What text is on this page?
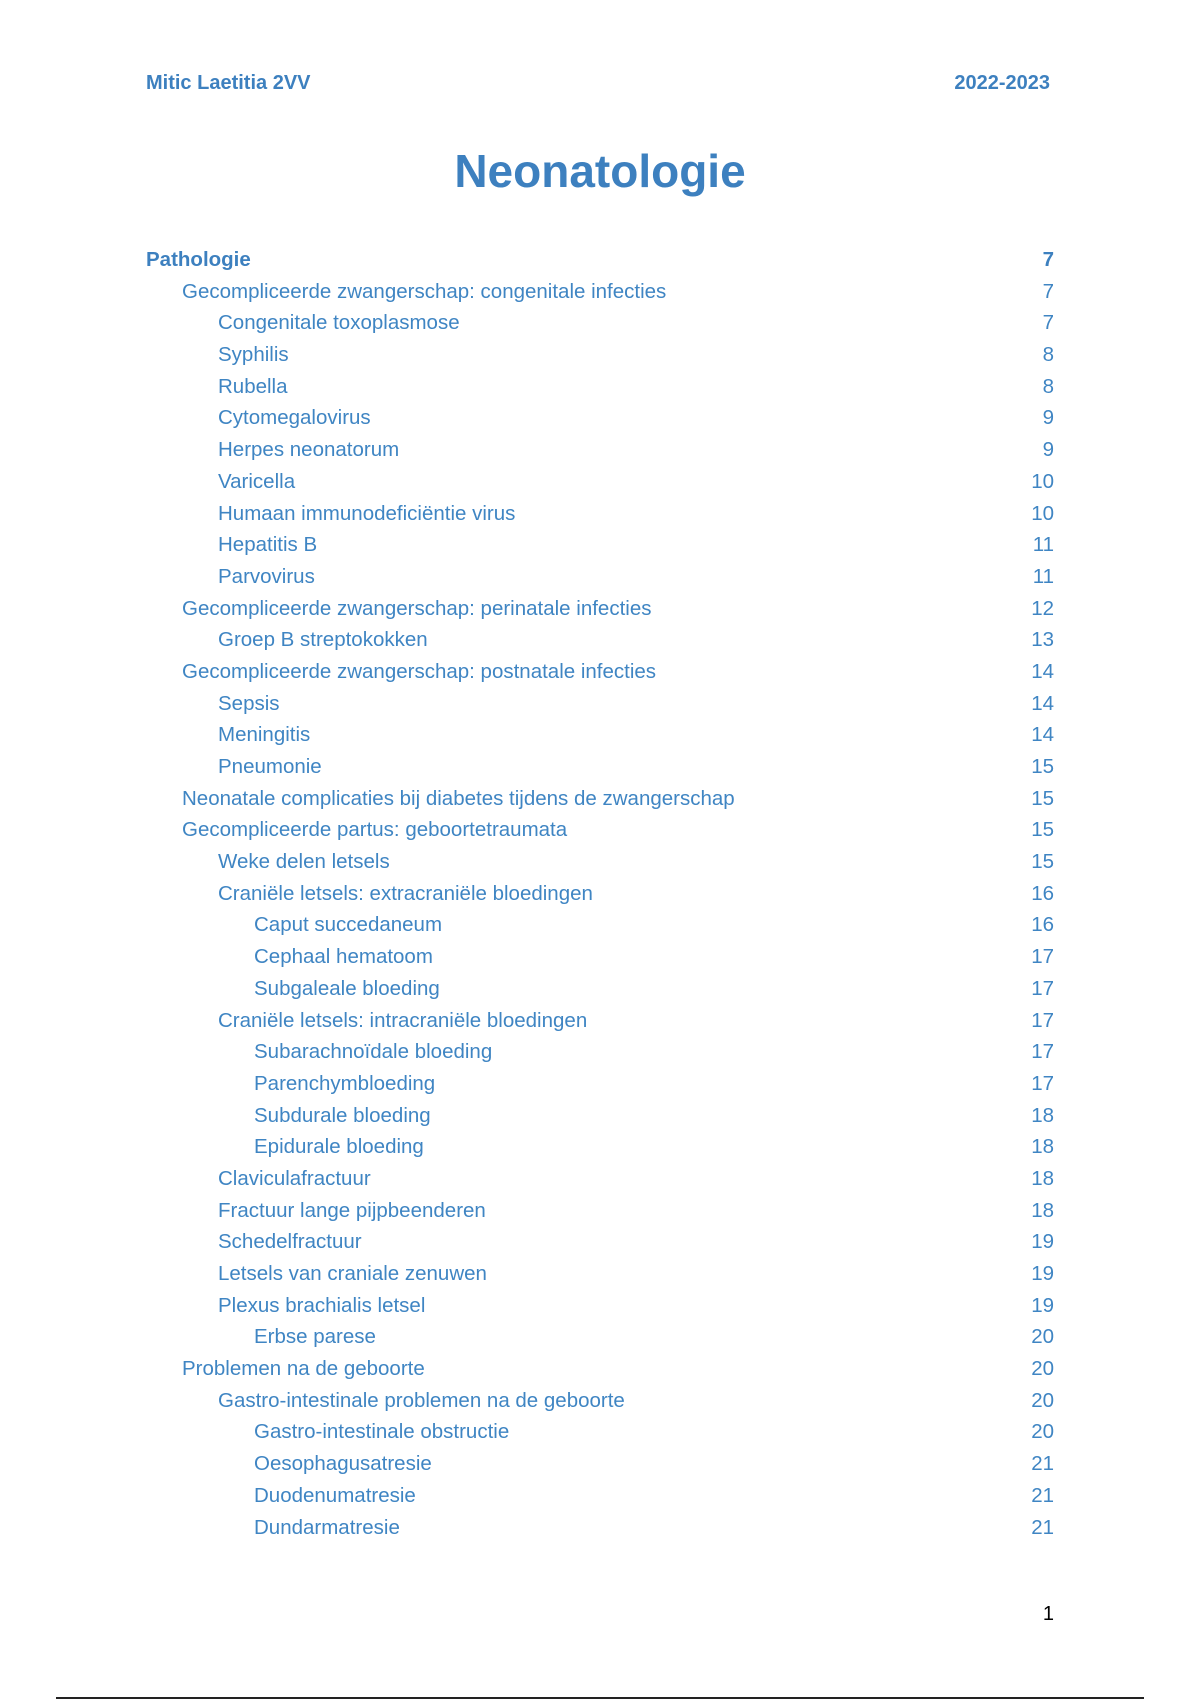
Mitic Laetitia 2VV	2022-2023
Neonatologie
Pathologie	7
Gecompliceerde zwangerschap: congenitale infecties	7
Congenitale toxoplasmose	7
Syphilis	8
Rubella	8
Cytomegalovirus	9
Herpes neonatorum	9
Varicella	10
Humaan immunodeficiëntie virus	10
Hepatitis B	11
Parvovirus	11
Gecompliceerde zwangerschap: perinatale infecties	12
Groep B streptokokken	13
Gecompliceerde zwangerschap: postnatale infecties	14
Sepsis	14
Meningitis	14
Pneumonie	15
Neonatale complicaties bij diabetes tijdens de zwangerschap	15
Gecompliceerde partus: geboortetraumata	15
Weke delen letsels	15
Craniële letsels: extracraniële bloedingen	16
Caput succedaneum	16
Cephaal hematoom	17
Subgaleale bloeding	17
Craniële letsels: intracraniële bloedingen	17
Subarachnoïdale bloeding	17
Parenchymbloeding	17
Subdurale bloeding	18
Epidurale bloeding	18
Claviculafractuur	18
Fractuur lange pijpbeenderen	18
Schedelfractuur	19
Letsels van craniale zenuwen	19
Plexus brachialis letsel	19
Erbse parese	20
Problemen na de geboorte	20
Gastro-intestinale problemen na de geboorte	20
Gastro-intestinale obstructie	20
Oesophagusatresie	21
Duodenumatresie	21
Dundarmatresie	21
1
